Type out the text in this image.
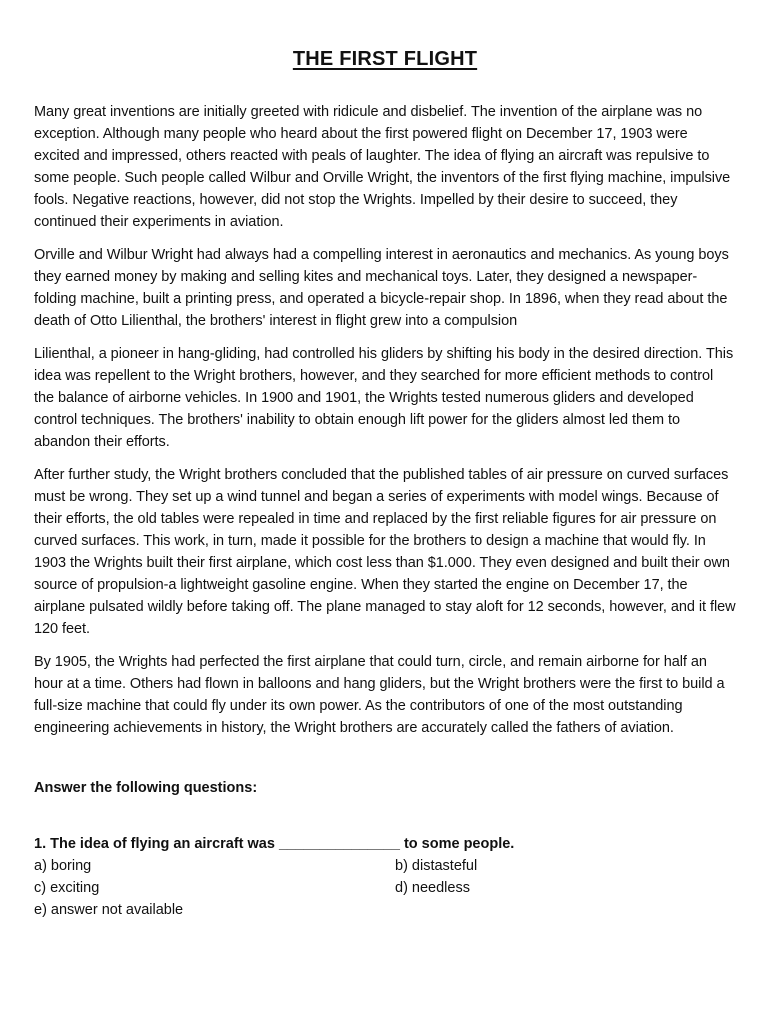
THE FIRST FLIGHT

Many great inventions are initially greeted with ridicule and disbelief. The invention of the airplane was no exception. Although many people who heard about the first powered flight on December 17, 1903 were excited and impressed, others reacted with peals of laughter. The idea of flying an aircraft was repulsive to some people. Such people called Wilbur and Orville Wright, the inventors of the first flying machine, impulsive fools. Negative reactions, however, did not stop the Wrights. Impelled by their desire to succeed, they continued their experiments in aviation.

Orville and Wilbur Wright had always had a compelling interest in aeronautics and mechanics. As young boys they earned money by making and selling kites and mechanical toys. Later, they designed a newspaper-folding machine, built a printing press, and operated a bicycle-repair shop. In 1896, when they read about the death of Otto Lilienthal, the brothers' interest in flight grew into a compulsion

Lilienthal, a pioneer in hang-gliding, had controlled his gliders by shifting his body in the desired direction. This idea was repellent to the Wright brothers, however, and they searched for more efficient methods to control the balance of airborne vehicles. In 1900 and 1901, the Wrights tested numerous gliders and developed control techniques. The brothers' inability to obtain enough lift power for the gliders almost led them to abandon their efforts.

After further study, the Wright brothers concluded that the published tables of air pressure on curved surfaces must be wrong. They set up a wind tunnel and began a series of experiments with model wings. Because of their efforts, the old tables were repealed in time and replaced by the first reliable figures for air pressure on curved surfaces. This work, in turn, made it possible for the brothers to design a machine that would fly. In 1903 the Wrights built their first airplane, which cost less than $1.000. They even designed and built their own source of propulsion-a lightweight gasoline engine. When they started the engine on December 17, the airplane pulsated wildly before taking off. The plane managed to stay aloft for 12 seconds, however, and it flew 120 feet.

By 1905, the Wrights had perfected the first airplane that could turn, circle, and remain airborne for half an hour at a time. Others had flown in balloons and hang gliders, but the Wright brothers were the first to build a full-size machine that could fly under its own power. As the contributors of one of the most outstanding engineering achievements in history, the Wright brothers are accurately called the fathers of aviation.

Answer the following questions:
1. The idea of flying an aircraft was _______________ to some people.
a) boring	b) distasteful
c) exciting	d) needless
e) answer not available
